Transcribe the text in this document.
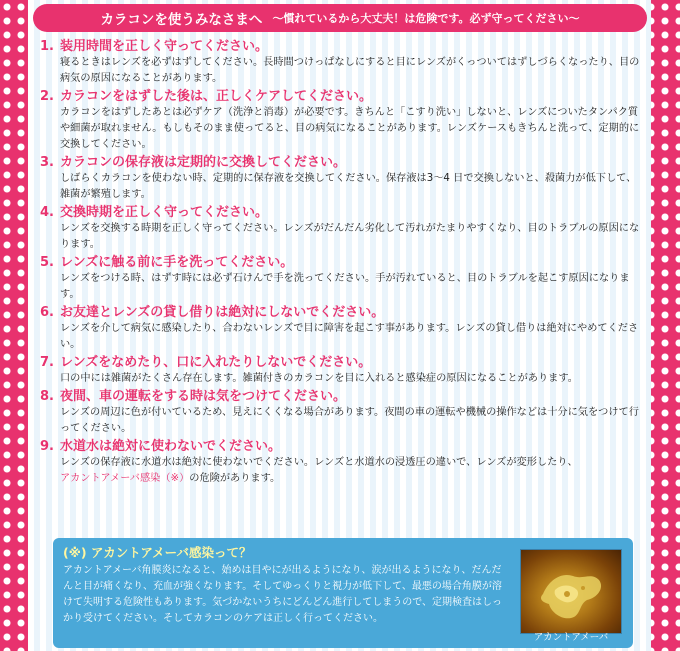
カラコンを使うみなさまへ ～慣れているから大丈夫！は危険です。必ず守ってください～
1. 装用時間を正しく守ってください。
寝るときはレンズを必ずはずしてください。長時間つけっぱなしにすると目にレンズがくっついてはずしづらくなったり、目の病気の原因になることがあります。
2. カラコンをはずした後は、正しくケアしてください。
カラコンをはずしたあとは必ずケア（洗浄と消毒）が必要です。きちんと「こすり洗い」しないと、レンズについたタンパク質や細菌が取れません。もしもそのまま使ってると、目の病気になることがあります。レンズケースもきちんと洗って、定期的に交換してください。
3. カラコンの保存液は定期的に交換してください。
しばらくカラコンを使わない時、定期的に保存液を交換してください。保存液は3～4 日で交換しないと、殺菌力が低下して、雑菌が繁殖します。
4. 交換時期を正しく守ってください。
レンズを交換する時期を正しく守ってください。レンズがだんだん劣化して汚れがたまりやすくなり、目のトラブルの原因になります。
5. レンズに触る前に手を洗ってください。
レンズをつける時、はずす時には必ず石けんで手を洗ってください。手が汚れていると、目のトラブルを起こす原因になります。
6. お友達とレンズの貸し借りは絶対にしないでください。
レンズを介して病気に感染したり、合わないレンズで目に障害を起こす事があります。レンズの貸し借りは絶対にやめてください。
7. レンズをなめたり、口に入れたりしないでください。
口の中には雑菌がたくさん存在します。雑菌付きのカラコンを目に入れると感染症の原因になることがあります。
8. 夜間、車の運転をする時は気をつけてください。
レンズの周辺に色が付いているため、見えにくくなる場合があります。夜間の車の運転や機械の操作などは十分に気をつけて行ってください。
9. 水道水は絶対に使わないでください。
レンズの保存液に水道水は絶対に使わないでください。レンズと水道水の浸透圧の違いで、レンズが変形したり、
アカントアメーバ感染（※）の危険があります。
(※) アカントアメーバ感染って？
アカントアメーバ角膜炎になると、始めは目やにが出るようになり、涙が出るようになり、だんだんと目が痛くなり、充血が強くなります。そしてゆっくりと視力が低下して、最悪の場合角膜が溶けて失明する危険性もあります。気づかないうちにどんどん進行してしまうので、定期検査はしっかり受けてください。そしてカラコンのケアは正しく行ってください。
アカントアメーバ
